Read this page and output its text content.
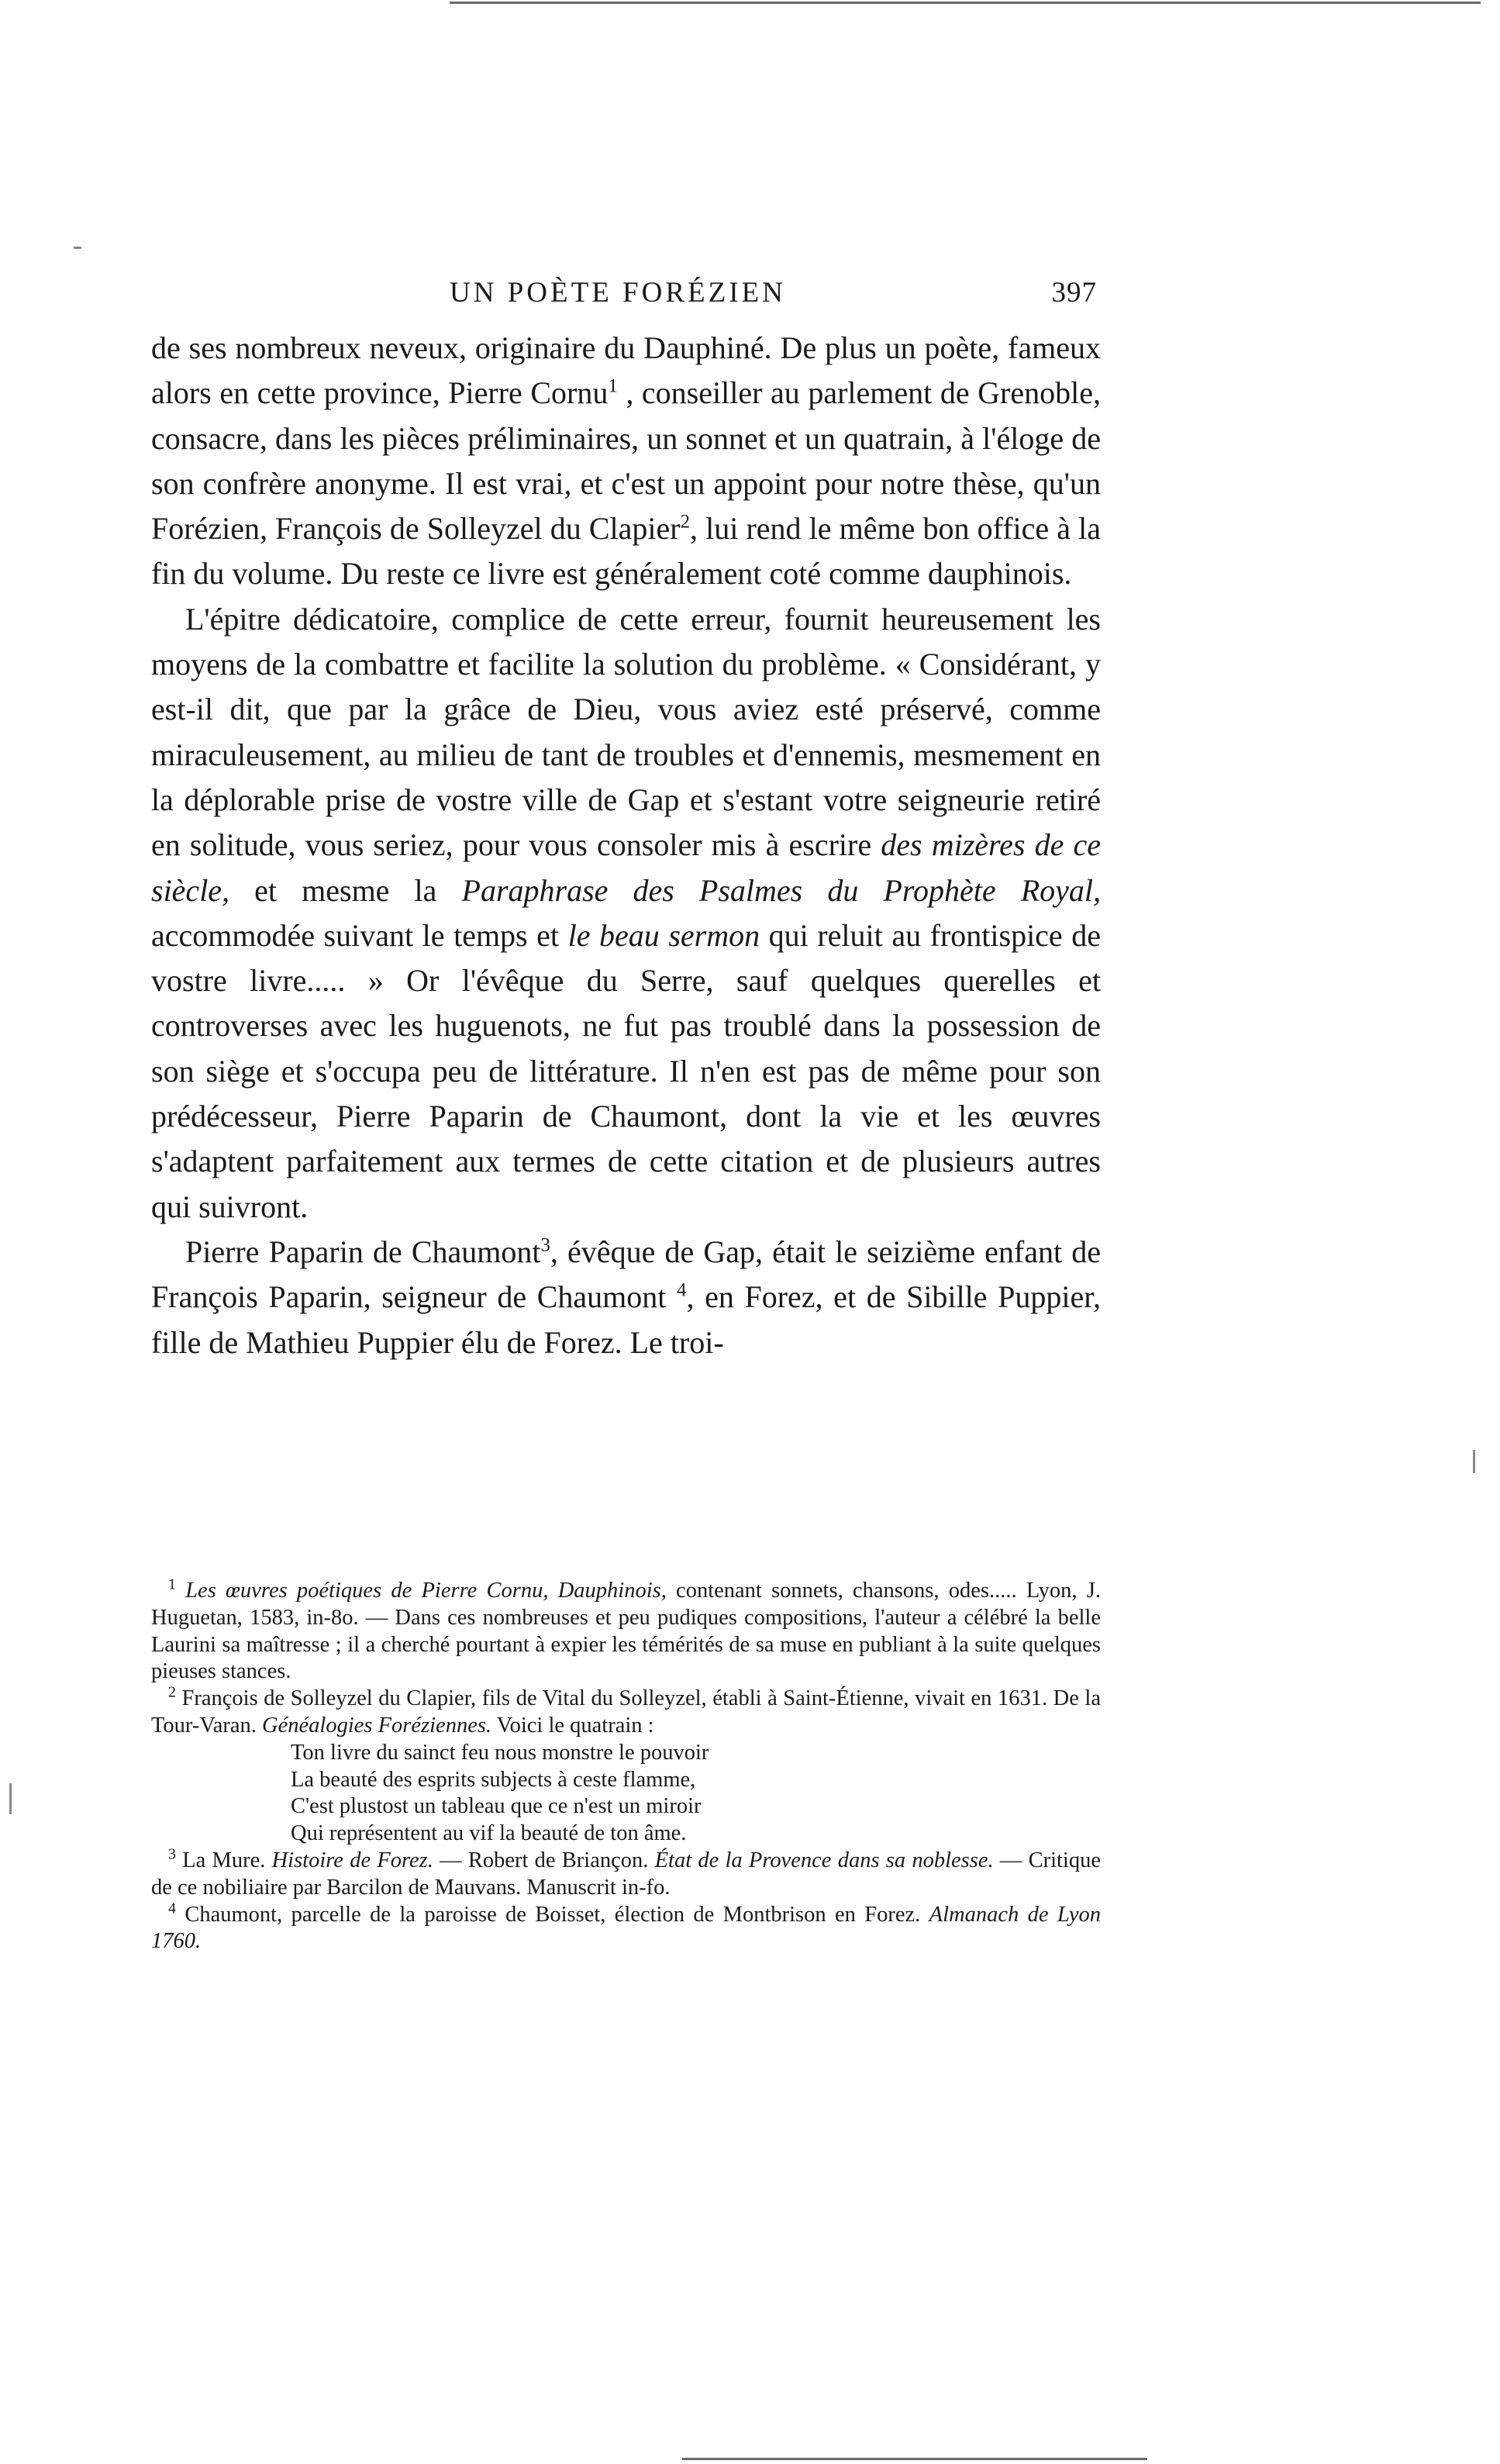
UN POÈTE FORÉZIEN	397

de ses nombreux neveux, originaire du Dauphiné. De plus un poète, fameux alors en cette province, Pierre Cornu$^1$ , conseiller au parlement de Grenoble, consacre, dans les pièces préliminaires, un sonnet et un quatrain, à l'éloge de son confrère anonyme. Il est vrai, et c'est un appoint pour notre thèse, qu'un Forézien, François de Solleyzel du Clapier$^2$, lui rend le même bon office à la fin du volume. Du reste ce livre est généralement coté comme dauphinois.

L'épitre dédicatoire, complice de cette erreur, fournit heureusement les moyens de la combattre et facilite la solution du problème. « Considérant, y est-il dit, que par la grâce de Dieu, vous aviez esté préservé, comme miraculeusement, au milieu de tant de troubles et d'ennemis, mesmement en la déplorable prise de vostre ville de Gap et s'estant votre seigneurie retiré en solitude, vous seriez, pour vous consoler mis à escrire des mizères de ce siècle, et mesme la Paraphrase des Psalmes du Prophète Royal, accommodée suivant le temps et le beau sermon qui reluit au frontispice de vostre livre..... » Or l'évêque du Serre, sauf quelques querelles et controverses avec les huguenots, ne fut pas troublé dans la possession de son siège et s'occupa peu de littérature. Il n'en est pas de même pour son prédécesseur, Pierre Paparin de Chaumont, dont la vie et les œuvres s'adaptent parfaitement aux termes de cette citation et de plusieurs autres qui suivront.

Pierre Paparin de Chaumont$^3$, évêque de Gap, était le seizième enfant de François Paparin, seigneur de Chaumont $^4$, en Forez, et de Sibille Puppier, fille de Mathieu Puppier élu de Forez. Le troi-

$^1$ Les œuvres poétiques de Pierre Cornu, Dauphinois, contenant sonnets, chansons, odes..... Lyon, J. Huguetan, 1583, in-8o. — Dans ces nombreuses et peu pudiques compositions, l'auteur a célébré la belle Laurini sa maîtresse ; il a cherché pourtant à expier les témérités de sa muse en publiant à la suite quelques pieuses stances.

$^2$ François de Solleyzel du Clapier, fils de Vital du Solleyzel, établi à Saint-Étienne, vivait en 1631. De la Tour-Varan. Généalogies Foréziennes. Voici le quatrain :

Ton livre du sainct feu nous monstre le pouvoir
La beauté des esprits subjects à ceste flamme,
C'est plustost un tableau que ce n'est un miroir
Qui représentent au vif la beauté de ton âme.

$^3$ La Mure. Histoire de Forez. — Robert de Briançon. État de la Provence dans sa noblesse. — Critique de ce nobiliaire par Barcilon de Mauvans. Manuscrit in-fo.

$^4$ Chaumont, parcelle de la paroisse de Boisset, élection de Montbrison en Forez. Almanach de Lyon 1760.
